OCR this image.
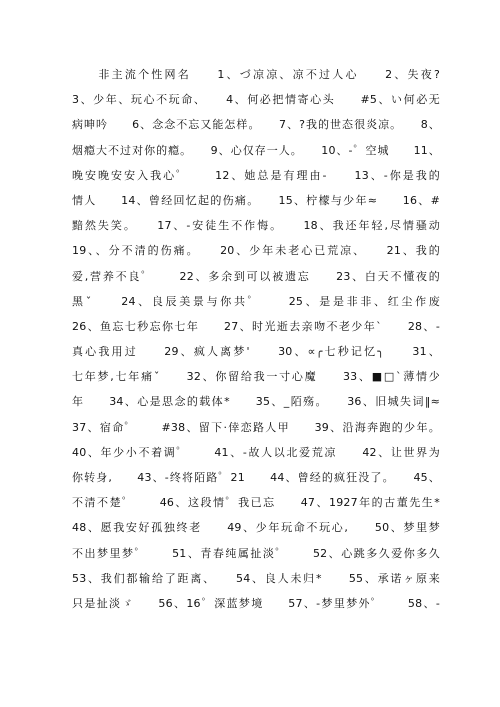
　　非主流个性网名　　1、づ凉凉、凉不过人心　　2、失夜?
3、少年、玩心不玩命、　　4、何必把情寄心头　　#5、い何必无
病呻吟　　6、念念不忘又能怎样。　　7、?我的世态很炎凉。　　8、
烟瘾大不过对你的瘾。　　9、心仅存一人。　　10、-゜空城　　11、
晚安晚安安入我心゜　　12、她总是有理由-　　13、-你是我的
情人　　14、曾经回忆起的伤痛。　　15、柠檬与少年≈　　16、#
黯然失笑。　　17、-安徒生不作悔。　　18、我还年轻,尽情骚动
19、、分不清的伤痛。　　20、少年未老心已荒凉、　　21、我的
爱,营养不良゜　　22、多余到可以被遗忘　　23、白天不懂夜的
黑ˇ　　24、良辰美景与你共゜　　25、是是非非、红尘作废
26、鱼忘七秒忘你七年　　27、时光逝去亲吻不老少年ˋ　　28、-
真心我用过　　29、疯人离梦'　　30、∝╭七秒记忆╮　　31、
七年梦,七年痛ˇ　　32、你留给我一寸心魔　　33、■□ˋ薄情少
年　　34、心是思念的载体*　　35、_陌殇。　　36、旧城失词‖≈
37、宿命゜　　#38、留下·倖恋路人甲　　39、沿海奔跑的少年。
40、年少小不着调゜　　41、-故人以北爱荒凉　　42、让世界为
你转身,　　43、-终将陌路゜21　　44、曾经的疯狂没了。　　45、
不清不楚゜　　46、这段情゜我已忘　　47、1927年的古董先生*
48、愿我安好孤独终老　　49、少年玩命不玩心,　　50、梦里梦
不出梦里梦゜　　51、青春纯属扯淡゜　　52、心跳多久爱你多久
53、我们都输给了距离、　　54、良人未归*　　55、承诺ヶ原来
只是扯淡ゞ　　56、16゜深蓝梦境　　57、-梦里梦外゜　　58、-
